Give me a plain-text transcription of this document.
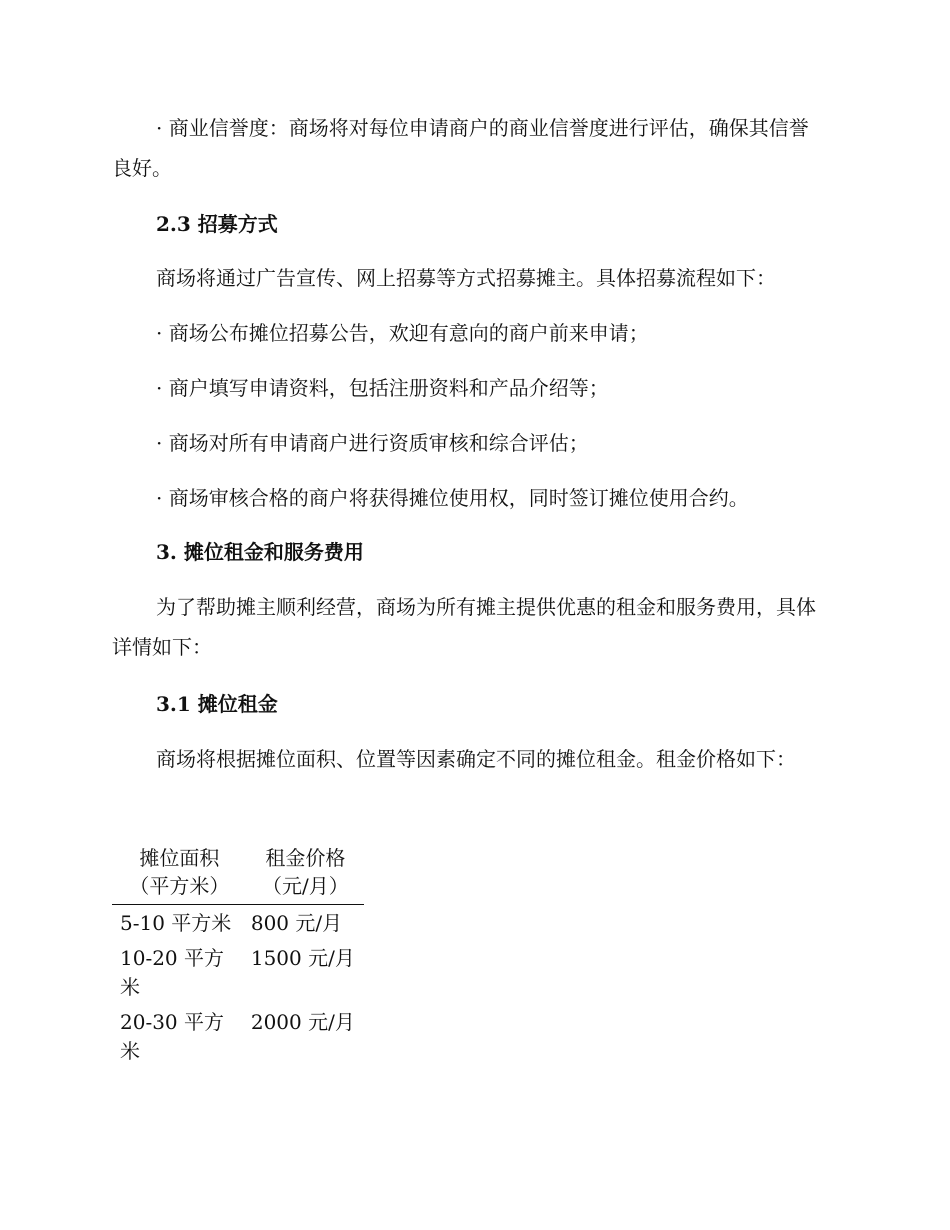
· 商业信誉度：商场将对每位申请商户的商业信誉度进行评估，确保其信誉良好。

2.3 招募方式

商场将通过广告宣传、网上招募等方式招募摊主。具体招募流程如下：

· 商场公布摊位招募公告，欢迎有意向的商户前来申请；

· 商户填写申请资料，包括注册资料和产品介绍等；

· 商场对所有申请商户进行资质审核和综合评估；

· 商场审核合格的商户将获得摊位使用权，同时签订摊位使用合约。

3. 摊位租金和服务费用

为了帮助摊主顺利经营，商场为所有摊主提供优惠的租金和服务费用，具体详情如下：

3.1 摊位租金

商场将根据摊位面积、位置等因素确定不同的摊位租金。租金价格如下：

摊位面积（平方米）	租金价格（元/月）
5-10 平方米	800 元/月
10-20 平方米	1500 元/月
20-30 平方米	2000 元/月
